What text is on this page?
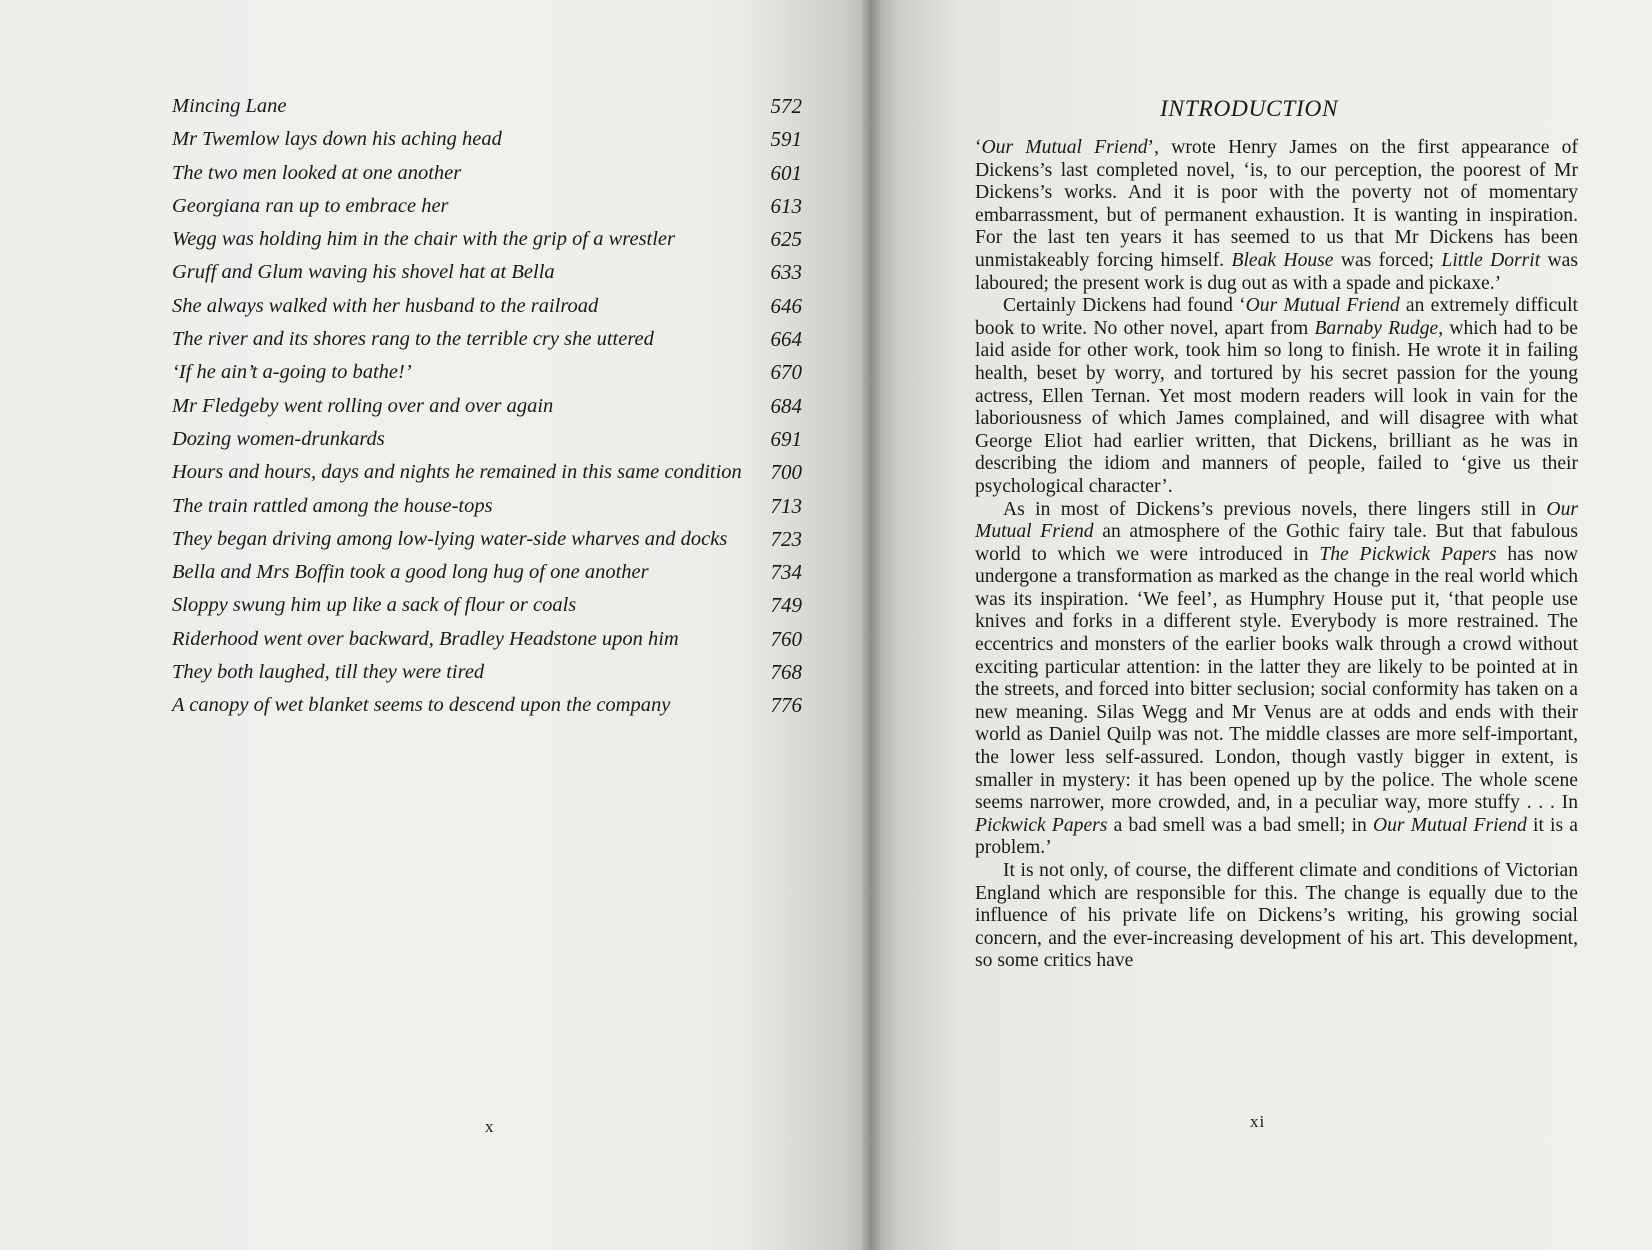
Mincing Lane	572
Mr Twemlow lays down his aching head	591
The two men looked at one another	601
Georgiana ran up to embrace her	613
Wegg was holding him in the chair with the grip of a wrestler	625
Gruff and Glum waving his shovel hat at Bella	633
She always walked with her husband to the railroad	646
The river and its shores rang to the terrible cry she uttered	664
‘If he ain’t a-going to bathe!’	670
Mr Fledgeby went rolling over and over again	684
Dozing women-drunkards	691
Hours and hours, days and nights he remained in this same condition	700
The train rattled among the house-tops	713
They began driving among low-lying water-side wharves and docks	723
Bella and Mrs Boffin took a good long hug of one another	734
Sloppy swung him up like a sack of flour or coals	749
Riderhood went over backward, Bradley Headstone upon him	760
They both laughed, till they were tired	768
A canopy of wet blanket seems to descend upon the company	776
x
INTRODUCTION

‘Our Mutual Friend’, wrote Henry James on the first appearance of Dickens’s last completed novel, ‘is, to our perception, the poorest of Mr Dickens’s works. And it is poor with the poverty not of momentary embarrassment, but of permanent exhaustion. It is wanting in inspiration. For the last ten years it has seemed to us that Mr Dickens has been unmistakeably forcing himself. Bleak House was forced; Little Dorrit was laboured; the present work is dug out as with a spade and pickaxe.’

Certainly Dickens had found ‘Our Mutual Friend an extremely difficult book to write. No other novel, apart from Barnaby Rudge, which had to be laid aside for other work, took him so long to finish. He wrote it in failing health, beset by worry, and tortured by his secret passion for the young actress, Ellen Ternan. Yet most modern readers will look in vain for the laboriousness of which James complained, and will disagree with what George Eliot had earlier written, that Dickens, brilliant as he was in describing the idiom and manners of people, failed to ‘give us their psychological character’.

As in most of Dickens’s previous novels, there lingers still in Our Mutual Friend an atmosphere of the Gothic fairy tale. But that fabulous world to which we were introduced in The Pickwick Papers has now undergone a transformation as marked as the change in the real world which was its inspiration. ‘We feel’, as Humphry House put it, ‘that people use knives and forks in a different style. Everybody is more restrained. The eccentrics and monsters of the earlier books walk through a crowd without exciting particular attention: in the latter they are likely to be pointed at in the streets, and forced into bitter seclusion; social conformity has taken on a new meaning. Silas Wegg and Mr Venus are at odds and ends with their world as Daniel Quilp was not. The middle classes are more self-important, the lower less self-assured. London, though vastly bigger in extent, is smaller in mystery: it has been opened up by the police. The whole scene seems narrower, more crowded, and, in a peculiar way, more stuffy . . . In Pickwick Papers a bad smell was a bad smell; in Our Mutual Friend it is a problem.’

It is not only, of course, the different climate and conditions of Victorian England which are responsible for this. The change is equally due to the influence of his private life on Dickens’s writing, his growing social concern, and the ever-increasing development of his art. This development, so some critics have

xi
